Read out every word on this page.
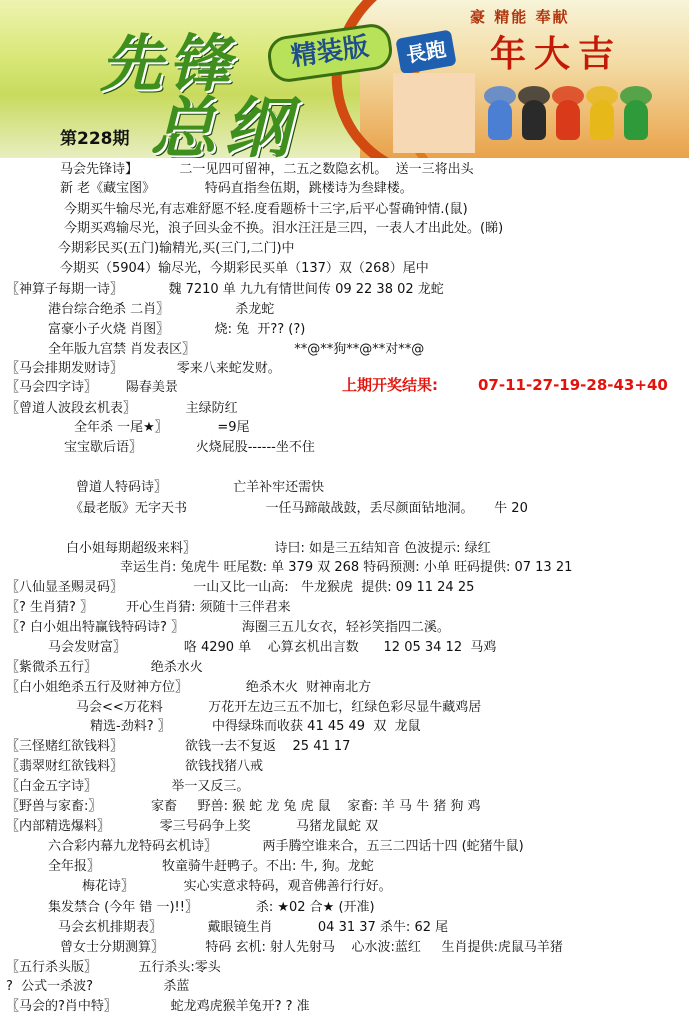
先锋
总纲
精装版	長跑
豪 精能 奉献
年大吉
第228期
上期开奖结果:	07-11-27-19-28-43+40
马会先锋诗】          二一见四可留神，二五之数隐玄机。  送一三将出头
新 老《藏宝图》            特码直指叁伍期，跳楼诗为叁肆楼。
今期买牛输尽光,有志难舒愿不轻.度看题桥十三字,后平心誓确钟情.(鼠)
今期买鸡输尽光，浪子回头金不换。泪水汪汪是三四，一表人才出此处。(睇)
今期彩民买(五门)输精光,买(三门,二门)中
今期买（5904）输尽光，今期彩民买单（137）双（268）尾中
〖神算子每期一诗〗           魏 7210 单 九九有情世间传 09 22 38 02 龙蛇
港台综合绝杀 二肖〗                杀龙蛇
富豪小子火烧 肖图〗           烧: 兔  开?? (?)
全年版九宫禁 肖发表区〗                        **@**狗**@**对**@
〖马会排期发财诗〗             零来八来蛇发财。
〖马会四字诗〗       陽春美景
〖曾道人波段玄机表〗            主绿防红
全年杀 一尾★〗            =9尾
宝宝歇后语〗             火烧屁股------坐不住
曾道人特码诗〗                亡羊补牢还需快
《最老版》无字天书                   一任马蹄敲战鼓，丢尽颜面钻地洞。     牛 20
白小姐每期超级来料〗                   诗曰: 如是三五结知音 色波提示: 绿红
幸运生肖: 兔虎牛 旺尾数: 单 379 双 268 特码预测: 小单 旺码提供: 07 13 21
〖八仙显圣赐灵码〗                 一山又比一山高:   牛龙猴虎  提供: 09 11 24 25
〖? 生肖猜? 〗        开心生肖猜: 须随十三伴君来
〖? 白小姐出特赢钱特码诗? 〗              海圈三五儿女衣，轻衫笑指四二溪。
马会发财富〗              咯 4290 单    心算玄机出言数      12 05 34 12  马鸡
〖紫微杀五行〗             绝杀水火
〖白小姐绝杀五行及财神方位〗              绝杀木火  财神南北方
马会<<万花料           万花开左边三五不加七，红绿色彩尽显牛藏鸡居
精选-劲料? 〗          中得绿珠而收获 41 45 49  双  龙鼠
〖三怪赌红欲钱料〗               欲钱一去不复返    25 41 17
〖翡翠财红欲钱料〗               欲钱找猪八戒
〖白金五字诗〗                  举一又反三。
〖野兽与家畜:〗            家畜     野兽: 猴 蛇 龙 兔 虎 鼠    家畜: 羊 马 牛 猪 狗 鸡
〖内部精选爆料〗            零三号码争上奖           马猪龙鼠蛇 双
六合彩内幕九龙特码玄机诗〗           两手腾空谁来合，五三二四话十四 (蛇猪牛鼠)
全年报〗               牧童骑牛赶鸭子。不出: 牛, 狗。龙蛇
梅花诗〗            实心实意求特码，观音佛善行行好。
集发禁合 (今年 错 一)!!〗              杀: ★02 合★ (开准)
马会玄机排期表〗           戴眼镜生肖           04 31 37 杀牛: 62 尾
曾女士分期测算〗          特码 玄机: 射人先射马    心水波:蓝红     生肖提供:虎鼠马羊猪
〖五行杀头版〗          五行杀头:零头
?  公式一杀波?                 杀蓝
〖马会的?肖中特〗             蛇龙鸡虎猴羊兔开? ? 准
